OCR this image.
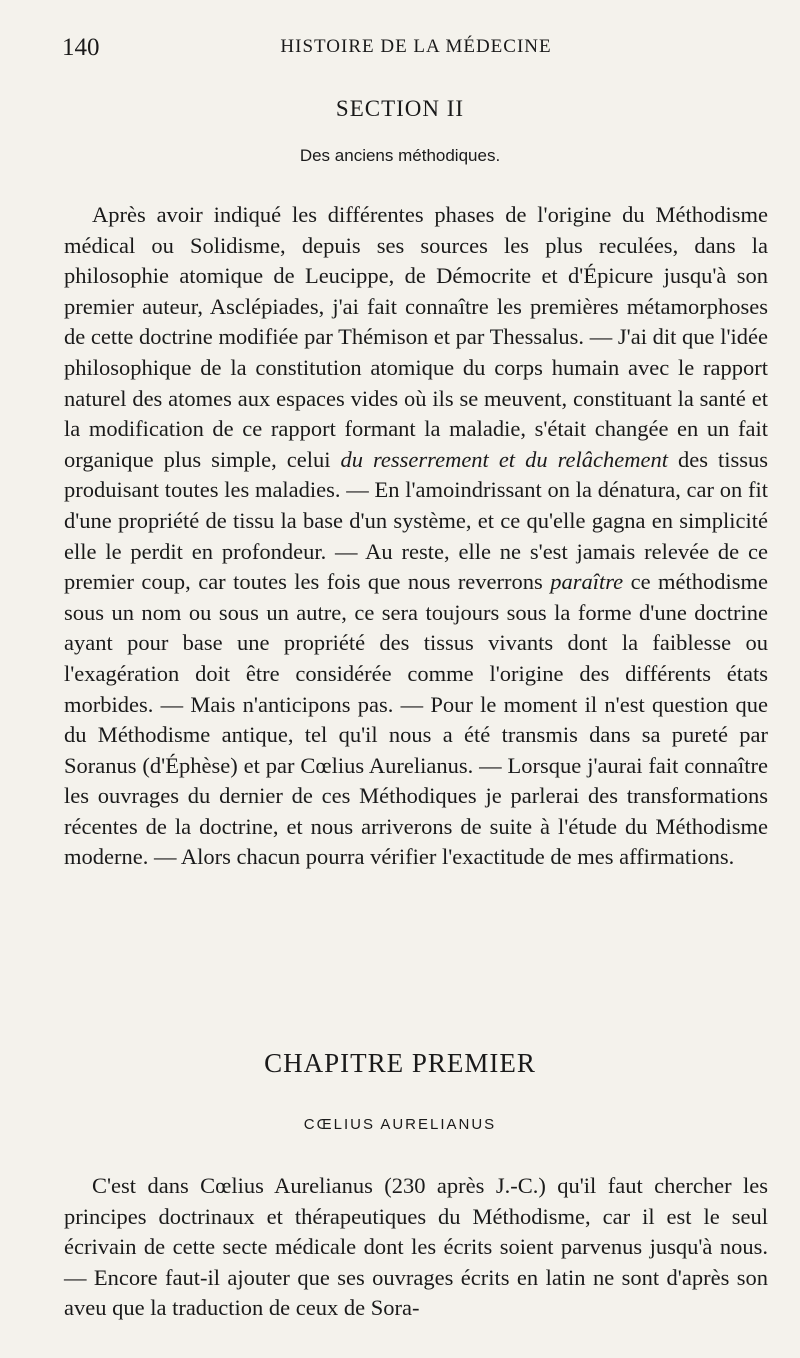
140	HISTOIRE DE LA MÉDECINE
SECTION II
Des anciens méthodiques.

Après avoir indiqué les différentes phases de l'origine du Méthodisme médical ou Solidisme, depuis ses sources les plus reculées, dans la philosophie atomique de Leucippe, de Démocrite et d'Épicure jusqu'à son premier auteur, Asclépiades, j'ai fait connaître les premières métamorphoses de cette doctrine modifiée par Thémison et par Thessalus. — J'ai dit que l'idée philosophique de la constitution atomique du corps humain avec le rapport naturel des atomes aux espaces vides où ils se meuvent, constituant la santé et la modification de ce rapport formant la maladie, s'était changée en un fait organique plus simple, celui du resserrement et du relâchement des tissus produisant toutes les maladies. — En l'amoindrissant on la dénatura, car on fit d'une propriété de tissu la base d'un système, et ce qu'elle gagna en simplicité elle le perdit en profondeur. — Au reste, elle ne s'est jamais relevée de ce premier coup, car toutes les fois que nous reverrons paraître ce méthodisme sous un nom ou sous un autre, ce sera toujours sous la forme d'une doctrine ayant pour base une propriété des tissus vivants dont la faiblesse ou l'exagération doit être considérée comme l'origine des différents états morbides. — Mais n'anticipons pas. — Pour le moment il n'est question que du Méthodisme antique, tel qu'il nous a été transmis dans sa pureté par Soranus (d'Éphèse) et par Cœlius Aurelianus. — Lorsque j'aurai fait connaître les ouvrages du dernier de ces Méthodiques je parlerai des transformations récentes de la doctrine, et nous arriverons de suite à l'étude du Méthodisme moderne. — Alors chacun pourra vérifier l'exactitude de mes affirmations.

CHAPITRE PREMIER
CŒLIUS AURELIANUS

C'est dans Cœlius Aurelianus (230 après J.-C.) qu'il faut chercher les principes doctrinaux et thérapeutiques du Méthodisme, car il est le seul écrivain de cette secte médicale dont les écrits soient parvenus jusqu'à nous. — Encore faut-il ajouter que ses ouvrages écrits en latin ne sont d'après son aveu que la traduction de ceux de Sora-
